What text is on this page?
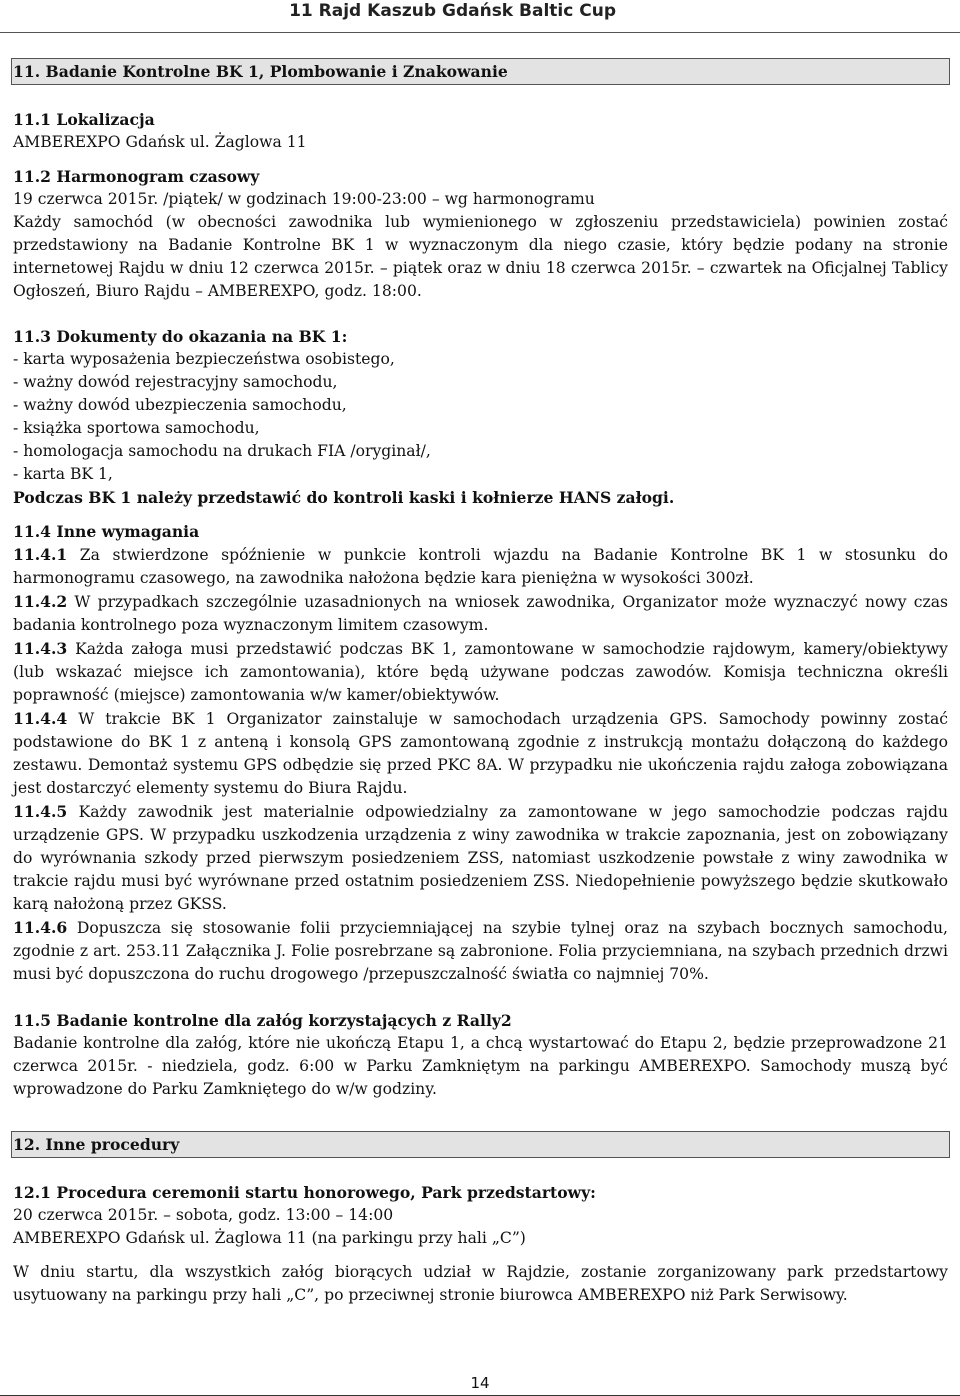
11 Rajd Kaszub Gdańsk Baltic Cup
11. Badanie Kontrolne BK 1, Plombowanie i Znakowanie

11.1 Lokalizacja

AMBEREXPO Gdańsk ul. Żaglowa 11

11.2 Harmonogram czasowy

19 czerwca 2015r. /piątek/ w godzinach 19:00-23:00 – wg harmonogramu

Każdy samochód (w obecności zawodnika lub wymienionego w zgłoszeniu przedstawiciela) powinien zostać przedstawiony na Badanie Kontrolne BK 1 w wyznaczonym dla niego czasie, który będzie podany na stronie internetowej Rajdu w dniu 12 czerwca 2015r. – piątek oraz w dniu 18 czerwca 2015r. – czwartek na Oficjalnej Tablicy Ogłoszeń, Biuro Rajdu – AMBEREXPO, godz. 18:00.

11.3 Dokumenty do okazania na BK 1:

- karta wyposażenia bezpieczeństwa osobistego,

- ważny dowód rejestracyjny samochodu,

- ważny dowód ubezpieczenia samochodu,

- książka sportowa samochodu,

- homologacja samochodu na drukach FIA /oryginał/,

- karta BK 1,

Podczas BK 1 należy przedstawić do kontroli kaski i kołnierze HANS załogi.

11.4 Inne wymagania

11.4.1 Za stwierdzone spóźnienie w punkcie kontroli wjazdu na Badanie Kontrolne BK 1 w stosunku do harmonogramu czasowego, na zawodnika nałożona będzie kara pieniężna w wysokości 300zł.

11.4.2 W przypadkach szczególnie uzasadnionych na wniosek zawodnika, Organizator może wyznaczyć nowy czas badania kontrolnego poza wyznaczonym limitem czasowym.

11.4.3 Każda załoga musi przedstawić podczas BK 1, zamontowane w samochodzie rajdowym, kamery/obiektywy (lub wskazać miejsce ich zamontowania), które będą używane podczas zawodów. Komisja techniczna określi poprawność (miejsce) zamontowania w/w kamer/obiektywów.

11.4.4 W trakcie BK 1 Organizator zainstaluje w samochodach urządzenia GPS. Samochody powinny zostać podstawione do BK 1 z anteną i konsolą GPS zamontowaną zgodnie z instrukcją montażu dołączoną do każdego zestawu. Demontaż systemu GPS odbędzie się przed PKC 8A. W przypadku nie ukończenia rajdu załoga zobowiązana jest dostarczyć elementy systemu do Biura Rajdu.

11.4.5 Każdy zawodnik jest materialnie odpowiedzialny za zamontowane w jego samochodzie podczas rajdu urządzenie GPS. W przypadku uszkodzenia urządzenia z winy zawodnika w trakcie zapoznania, jest on zobowiązany do wyrównania szkody przed pierwszym posiedzeniem ZSS, natomiast uszkodzenie powstałe z winy zawodnika w trakcie rajdu musi być wyrównane przed ostatnim posiedzeniem ZSS. Niedopełnienie powyższego będzie skutkowało karą nałożoną przez GKSS.

11.4.6 Dopuszcza się stosowanie folii przyciemniającej na szybie tylnej oraz na szybach bocznych samochodu, zgodnie z art. 253.11 Załącznika J. Folie posrebrzane są zabronione. Folia przyciemniana, na szybach przednich drzwi musi być dopuszczona do ruchu drogowego /przepuszczalność światła co najmniej 70%.

11.5 Badanie kontrolne dla załóg korzystających z Rally2

Badanie kontrolne dla załóg, które nie ukończą Etapu 1, a chcą wystartować do Etapu 2, będzie przeprowadzone 21 czerwca 2015r. - niedziela, godz. 6:00 w Parku Zamkniętym na parkingu AMBEREXPO. Samochody muszą być wprowadzone do Parku Zamkniętego do w/w godziny.

12. Inne procedury

12.1 Procedura ceremonii startu honorowego, Park przedstartowy:

20 czerwca 2015r. – sobota, godz. 13:00 – 14:00

AMBEREXPO Gdańsk ul. Żaglowa 11 (na parkingu przy hali „C”)

W dniu startu, dla wszystkich załóg biorących udział w Rajdzie, zostanie zorganizowany park przedstartowy usytuowany na parkingu przy hali „C”, po przeciwnej stronie biurowca AMBEREXPO niż Park Serwisowy.

14
